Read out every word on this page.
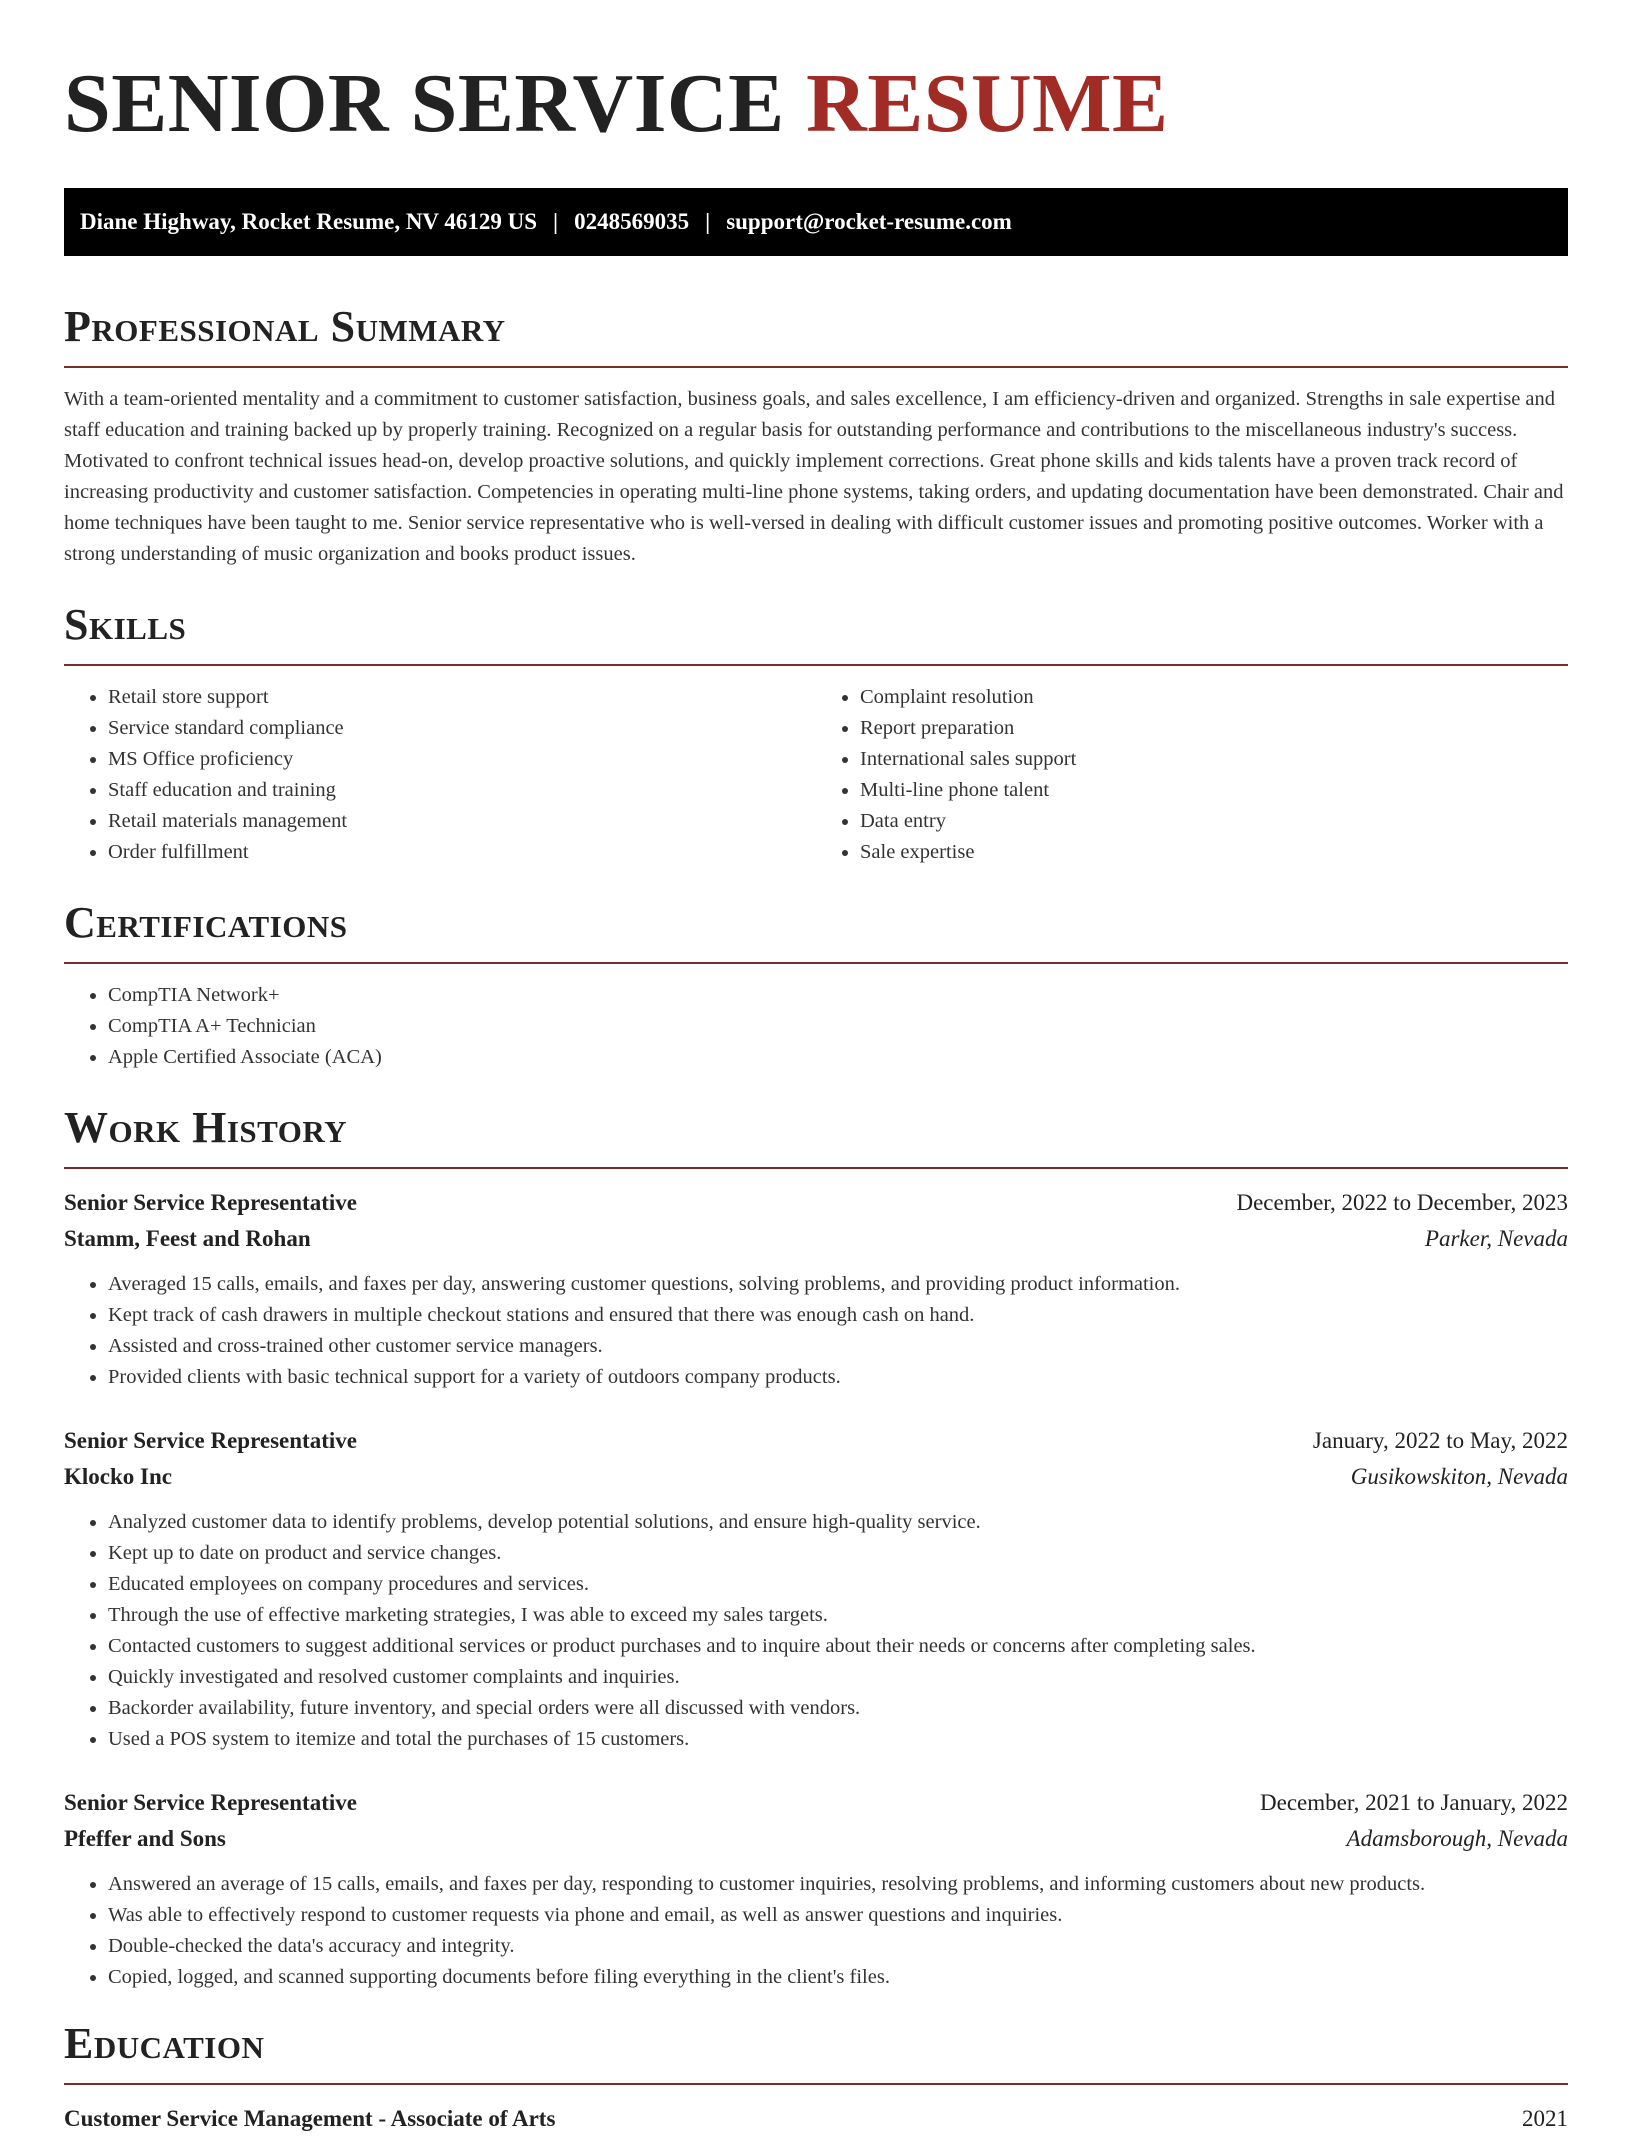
SENIOR SERVICE RESUME
Diane Highway, Rocket Resume, NV 46129 US | 0248569035 | support@rocket-resume.com
Professional Summary

With a team-oriented mentality and a commitment to customer satisfaction, business goals, and sales excellence, I am efficiency-driven and organized. Strengths in sale expertise and staff education and training backed up by properly training. Recognized on a regular basis for outstanding performance and contributions to the miscellaneous industry's success. Motivated to confront technical issues head-on, develop proactive solutions, and quickly implement corrections. Great phone skills and kids talents have a proven track record of increasing productivity and customer satisfaction. Competencies in operating multi-line phone systems, taking orders, and updating documentation have been demonstrated. Chair and home techniques have been taught to me. Senior service representative who is well-versed in dealing with difficult customer issues and promoting positive outcomes. Worker with a strong understanding of music organization and books product issues.

Skills
• Retail store support
• Service standard compliance
• MS Office proficiency
• Staff education and training
• Retail materials management
• Order fulfillment
• Complaint resolution
• Report preparation
• International sales support
• Multi-line phone talent
• Data entry
• Sale expertise
Certifications
• CompTIA Network+
• CompTIA A+ Technician
• Apple Certified Associate (ACA)
Work History
Senior Service Representative	December, 2022 to December, 2023
Stamm, Feest and Rohan	Parker, Nevada
• Averaged 15 calls, emails, and faxes per day, answering customer questions, solving problems, and providing product information.
• Kept track of cash drawers in multiple checkout stations and ensured that there was enough cash on hand.
• Assisted and cross-trained other customer service managers.
• Provided clients with basic technical support for a variety of outdoors company products.
Senior Service Representative	January, 2022 to May, 2022
Klocko Inc	Gusikowskiton, Nevada
• Analyzed customer data to identify problems, develop potential solutions, and ensure high-quality service.
• Kept up to date on product and service changes.
• Educated employees on company procedures and services.
• Through the use of effective marketing strategies, I was able to exceed my sales targets.
• Contacted customers to suggest additional services or product purchases and to inquire about their needs or concerns after completing sales.
• Quickly investigated and resolved customer complaints and inquiries.
• Backorder availability, future inventory, and special orders were all discussed with vendors.
• Used a POS system to itemize and total the purchases of 15 customers.
Senior Service Representative	December, 2021 to January, 2022
Pfeffer and Sons	Adamsborough, Nevada
• Answered an average of 15 calls, emails, and faxes per day, responding to customer inquiries, resolving problems, and informing customers about new products.
• Was able to effectively respond to customer requests via phone and email, as well as answer questions and inquiries.
• Double-checked the data's accuracy and integrity.
• Copied, logged, and scanned supporting documents before filing everything in the client's files.
Education
Customer Service Management - Associate of Arts	2021
